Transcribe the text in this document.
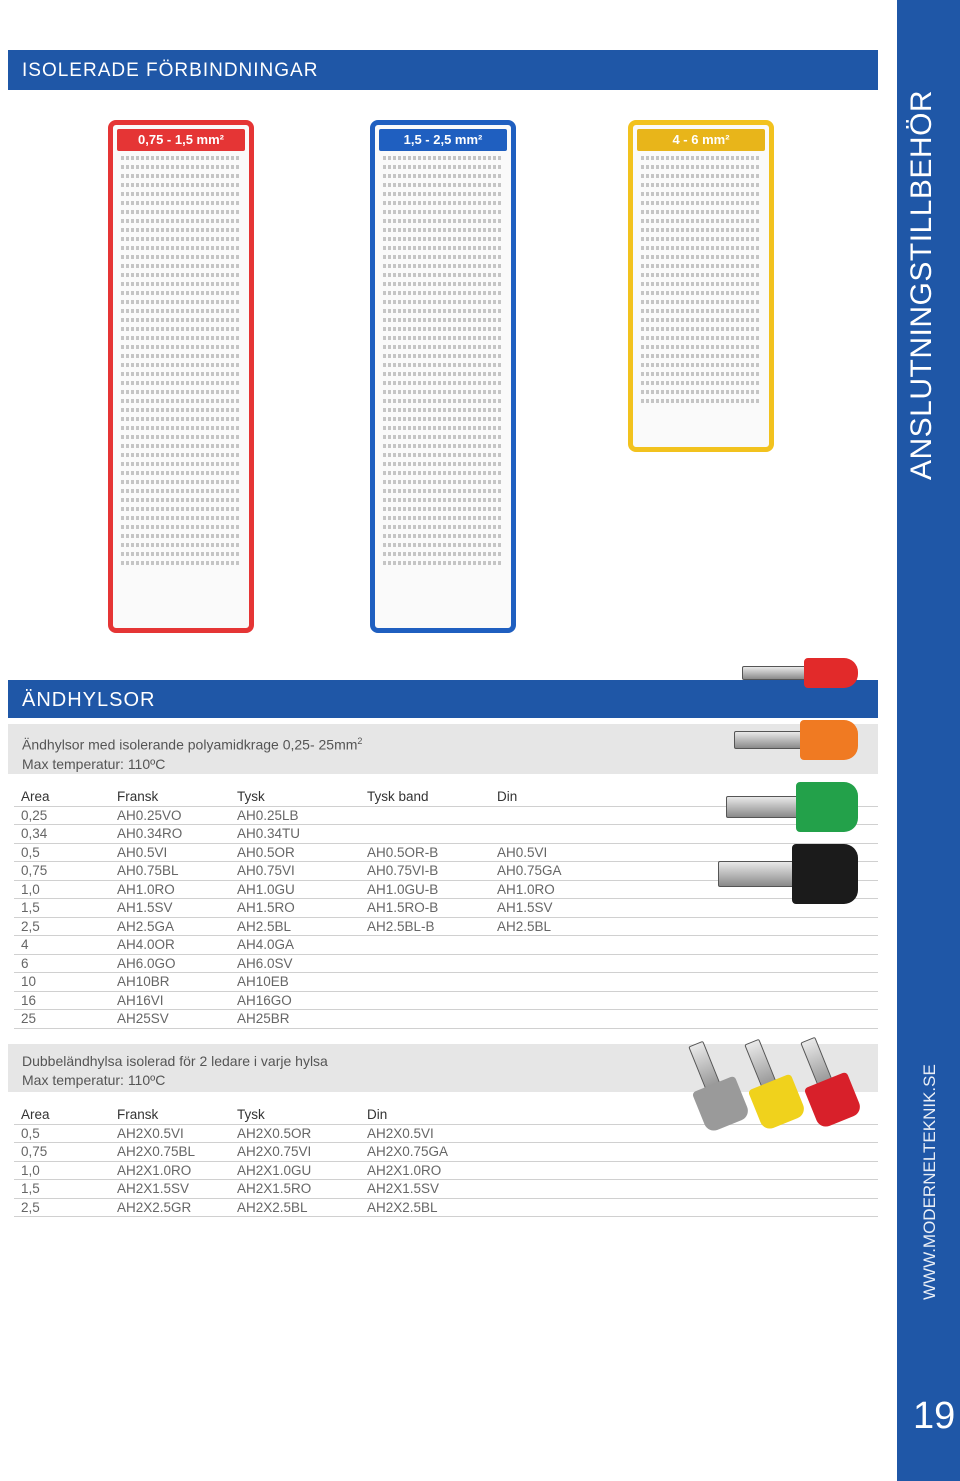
WWW.MODERNELTEKNIK.SE
19
ISOLERADE FÖRBINDNINGAR
0,75 - 1,5 mm²	1,5 - 2,5 mm²	4 - 6 mm²
ÄNDHYLSOR
Ändhylsor med isolerande polyamidkrage 0,25- $25mm^2$
Max temperatur: 110ºC
Area	Fransk	Tysk	Tysk band	Din
0,25	AH0.25VO	AH0.25LB		
0,34	AH0.34RO	AH0.34TU		
0,5	AH0.5VI	AH0.5OR	AH0.5OR-B	AH0.5VI
0,75	AH0.75BL	AH0.75VI	AH0.75VI-B	AH0.75GA
1,0	AH1.0RO	AH1.0GU	AH1.0GU-B	AH1.0RO
1,5	AH1.5SV	AH1.5RO	AH1.5RO-B	AH1.5SV
2,5	AH2.5GA	AH2.5BL	AH2.5BL-B	AH2.5BL
4	AH4.0OR	AH4.0GA		
6	AH6.0GO	AH6.0SV		
10	AH10BR	AH10EB		
16	AH16VI	AH16GO		
25	AH25SV	AH25BR		
Dubbeländhylsa isolerad för 2 ledare i varje hylsa
Max temperatur: 110ºC
Area	Fransk	Tysk	Din
0,5	AH2X0.5VI	AH2X0.5OR	AH2X0.5VI
0,75	AH2X0.75BL	AH2X0.75VI	AH2X0.75GA
1,0	AH2X1.0RO	AH2X1.0GU	AH2X1.0RO
1,5	AH2X1.5SV	AH2X1.5RO	AH2X1.5SV
2,5	AH2X2.5GR	AH2X2.5BL	AH2X2.5BL
